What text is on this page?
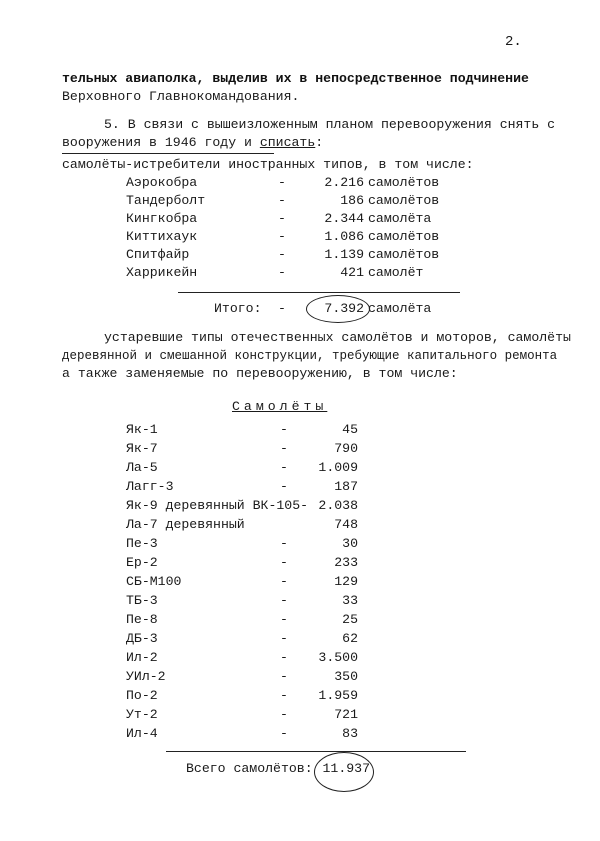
2.
тельных авиаполка, выделив их в непосредственное подчинение
Верховного Главнокомандования.
5. В связи с вышеизложенным планом перевооружения снять с
вооружения в 1946 году и списать:
самолёты-истребители иностранных типов, в том числе:
Аэрокобра	-	2.216 самолётов
Тандерболт	-	186 самолётов
Кингкобра	-	2.344 самолёта
Киттихаук	-	1.086 самолётов
Спитфайр	-	1.139 самолётов
Харрикейн	-	421 самолёт
Итого: -	7.392 самолёта
устаревшие типы отечественных самолётов и моторов, самолёты
деревянной и смешанной конструкции, требующие капитального ремонта
а также заменяемые по перевооружению, в том числе:
Самолёты
Як-1	-	45
Як-7	-	790
Ла-5	-	1.009
Лагг-3	-	187
Як-9 деревянный ВК-105- 2.038
Ла-7 деревянный	748
Пе-3	-	30
Ер-2	-	233
СБ-М100	-	129
ТБ-3	-	33
Пе-8	-	25
ДБ-3	-	62
Ил-2	-	3.500
УИл-2	-	350
По-2	-	1.959
Ут-2	-	721
Ил-4	-	83
Всего самолётов: 11.937
